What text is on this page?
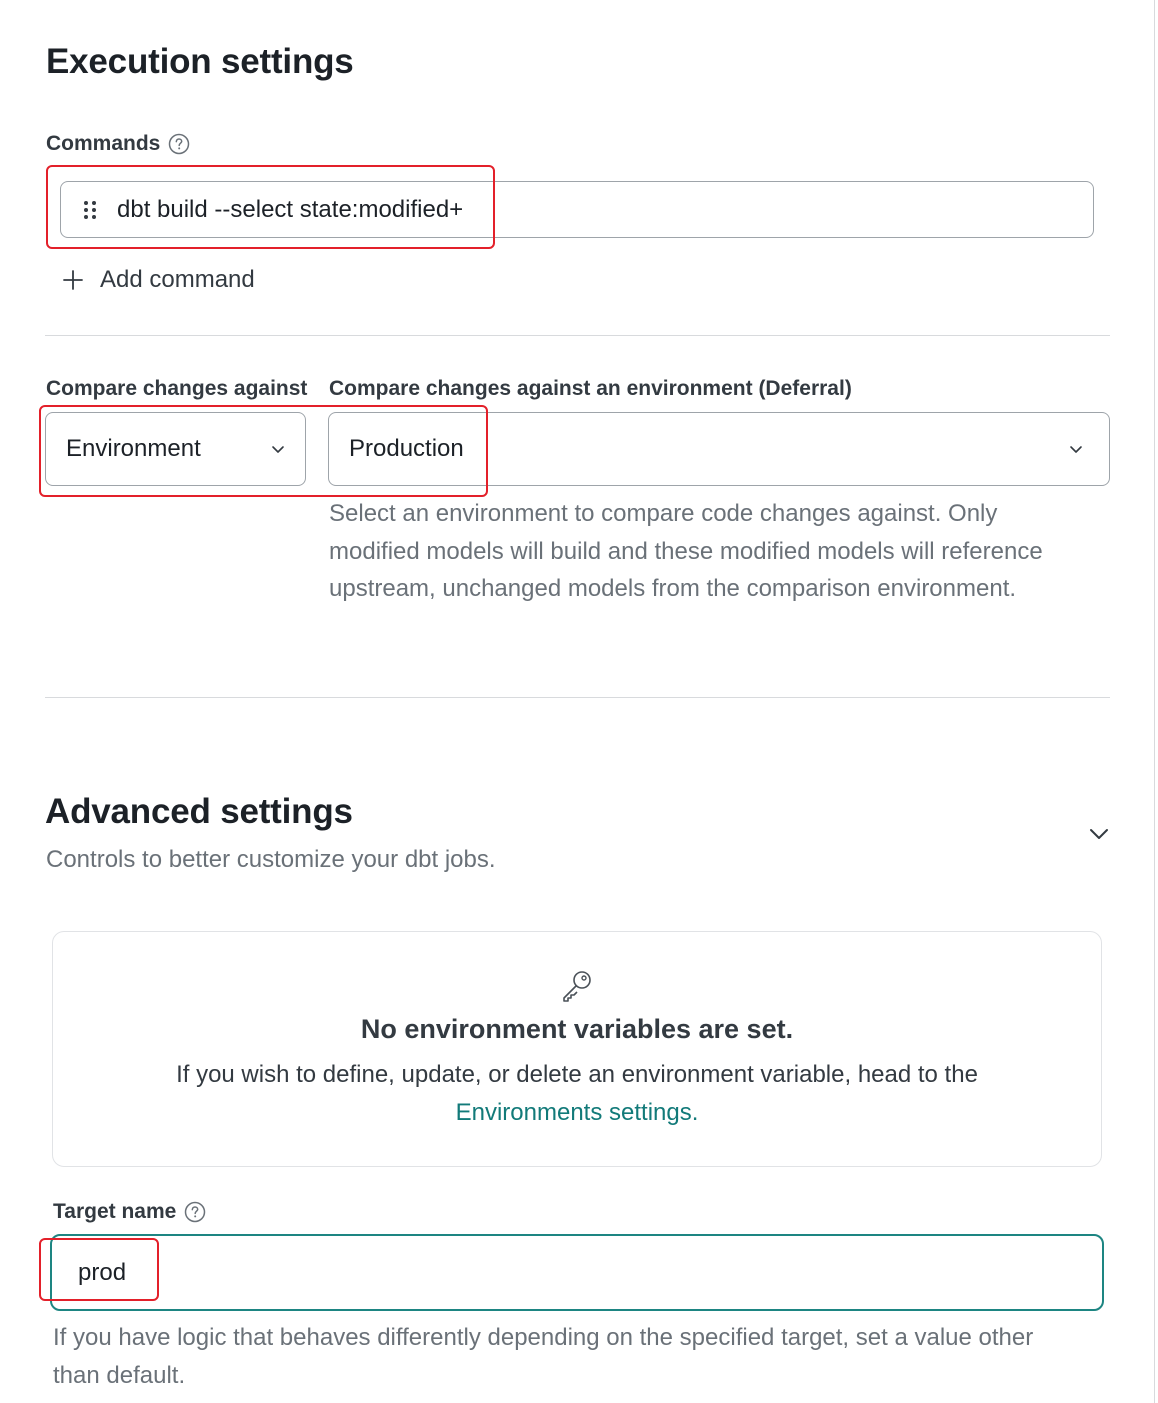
Execution settings
Commands
dbt build --select state:modified+
Add command
Compare changes against Compare changes against an environment (Deferral)
Environment	Production
Select an environment to compare code changes against. Only
modified models will build and these modified models will reference
upstream, unchanged models from the comparison environment.
Advanced settings
Controls to better customize your dbt jobs.
No environment variables are set.
If you wish to define, update, or delete an environment variable, head to the
Environments settings.
Target name
prod
If you have logic that behaves differently depending on the specified target, set a value other
than default.
